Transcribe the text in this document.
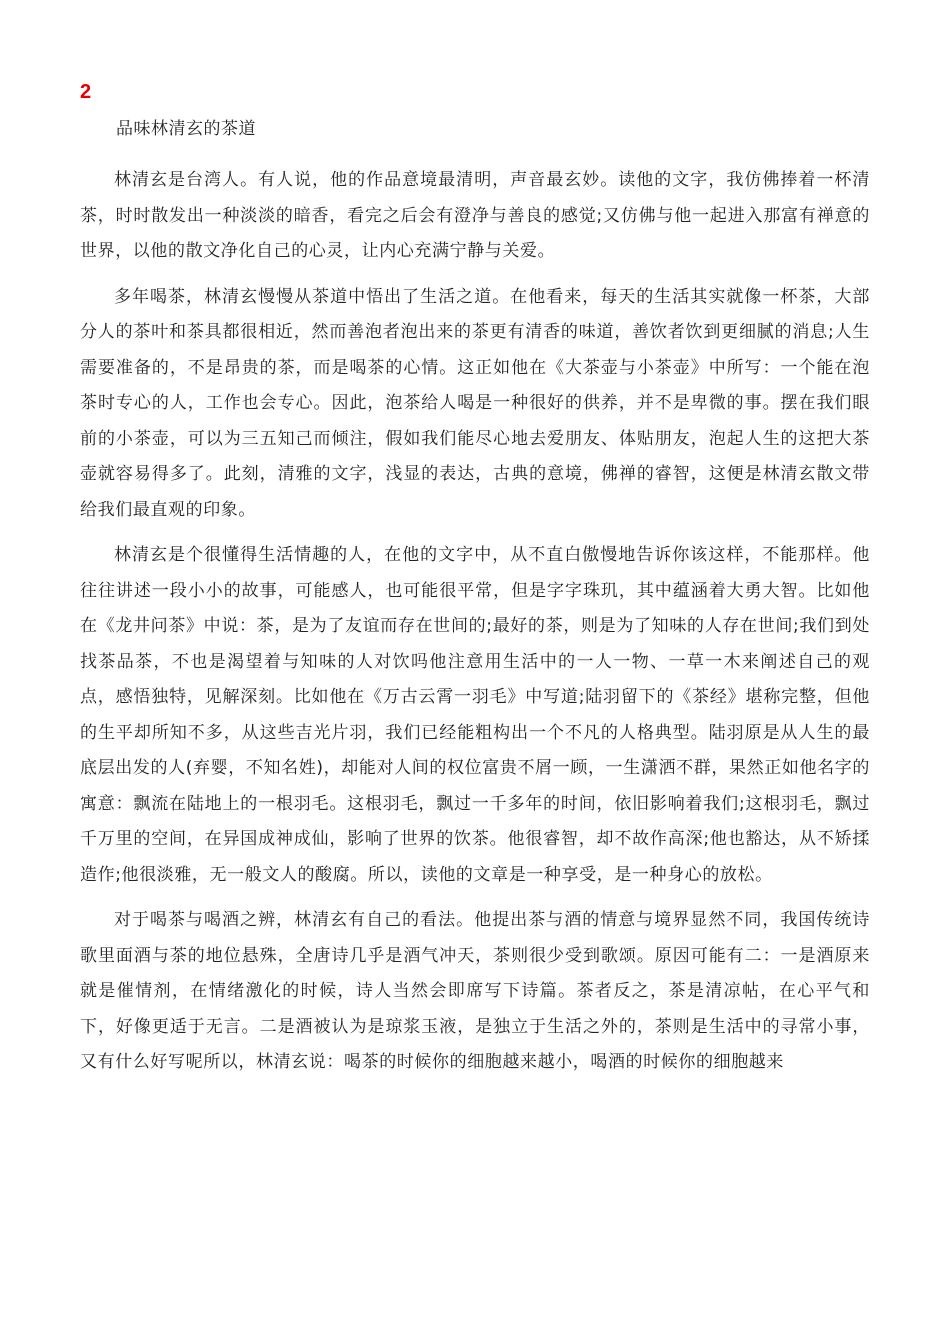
2

品味林清玄的茶道

林清玄是台湾人。有人说，他的作品意境最清明，声音最玄妙。读他的文字，我仿佛捧着一杯清茶，时时散发出一种淡淡的暗香，看完之后会有澄净与善良的感觉;又仿佛与他一起进入那富有禅意的世界，以他的散文净化自己的心灵，让内心充满宁静与关爱。

多年喝茶，林清玄慢慢从茶道中悟出了生活之道。在他看来，每天的生活其实就像一杯茶，大部分人的茶叶和茶具都很相近，然而善泡者泡出来的茶更有清香的味道，善饮者饮到更细腻的消息;人生需要准备的，不是昂贵的茶，而是喝茶的心情。这正如他在《大茶壶与小茶壶》中所写：一个能在泡茶时专心的人，工作也会专心。因此，泡茶给人喝是一种很好的供养，并不是卑微的事。摆在我们眼前的小茶壶，可以为三五知己而倾注，假如我们能尽心地去爱朋友、体贴朋友，泡起人生的这把大茶壶就容易得多了。此刻，清雅的文字，浅显的表达，古典的意境，佛禅的睿智，这便是林清玄散文带给我们最直观的印象。

林清玄是个很懂得生活情趣的人，在他的文字中，从不直白傲慢地告诉你该这样，不能那样。他往往讲述一段小小的故事，可能感人，也可能很平常，但是字字珠玑，其中蕴涵着大勇大智。比如他在《龙井问茶》中说：茶，是为了友谊而存在世间的;最好的茶，则是为了知味的人存在世间;我们到处找茶品茶，不也是渴望着与知味的人对饮吗他注意用生活中的一人一物、一草一木来阐述自己的观点，感悟独特，见解深刻。比如他在《万古云霄一羽毛》中写道;陆羽留下的《茶经》堪称完整，但他的生平却所知不多，从这些吉光片羽，我们已经能粗构出一个不凡的人格典型。陆羽原是从人生的最底层出发的人(弃婴，不知名姓)，却能对人间的权位富贵不屑一顾，一生潇洒不群，果然正如他名字的寓意：飘流在陆地上的一根羽毛。这根羽毛，飘过一千多年的时间，依旧影响着我们;这根羽毛，飘过千万里的空间，在异国成神成仙，影响了世界的饮茶。他很睿智，却不故作高深;他也豁达，从不矫揉造作;他很淡雅，无一般文人的酸腐。所以，读他的文章是一种享受，是一种身心的放松。

对于喝茶与喝酒之辨，林清玄有自己的看法。他提出茶与酒的情意与境界显然不同，我国传统诗歌里面酒与茶的地位悬殊，全唐诗几乎是酒气冲天，茶则很少受到歌颂。原因可能有二：一是酒原来就是催情剂，在情绪激化的时候，诗人当然会即席写下诗篇。茶者反之，茶是清凉帖，在心平气和下，好像更适于无言。二是酒被认为是琼浆玉液，是独立于生活之外的，茶则是生活中的寻常小事，又有什么好写呢所以，林清玄说：喝茶的时候你的细胞越来越小，喝酒的时候你的细胞越来
